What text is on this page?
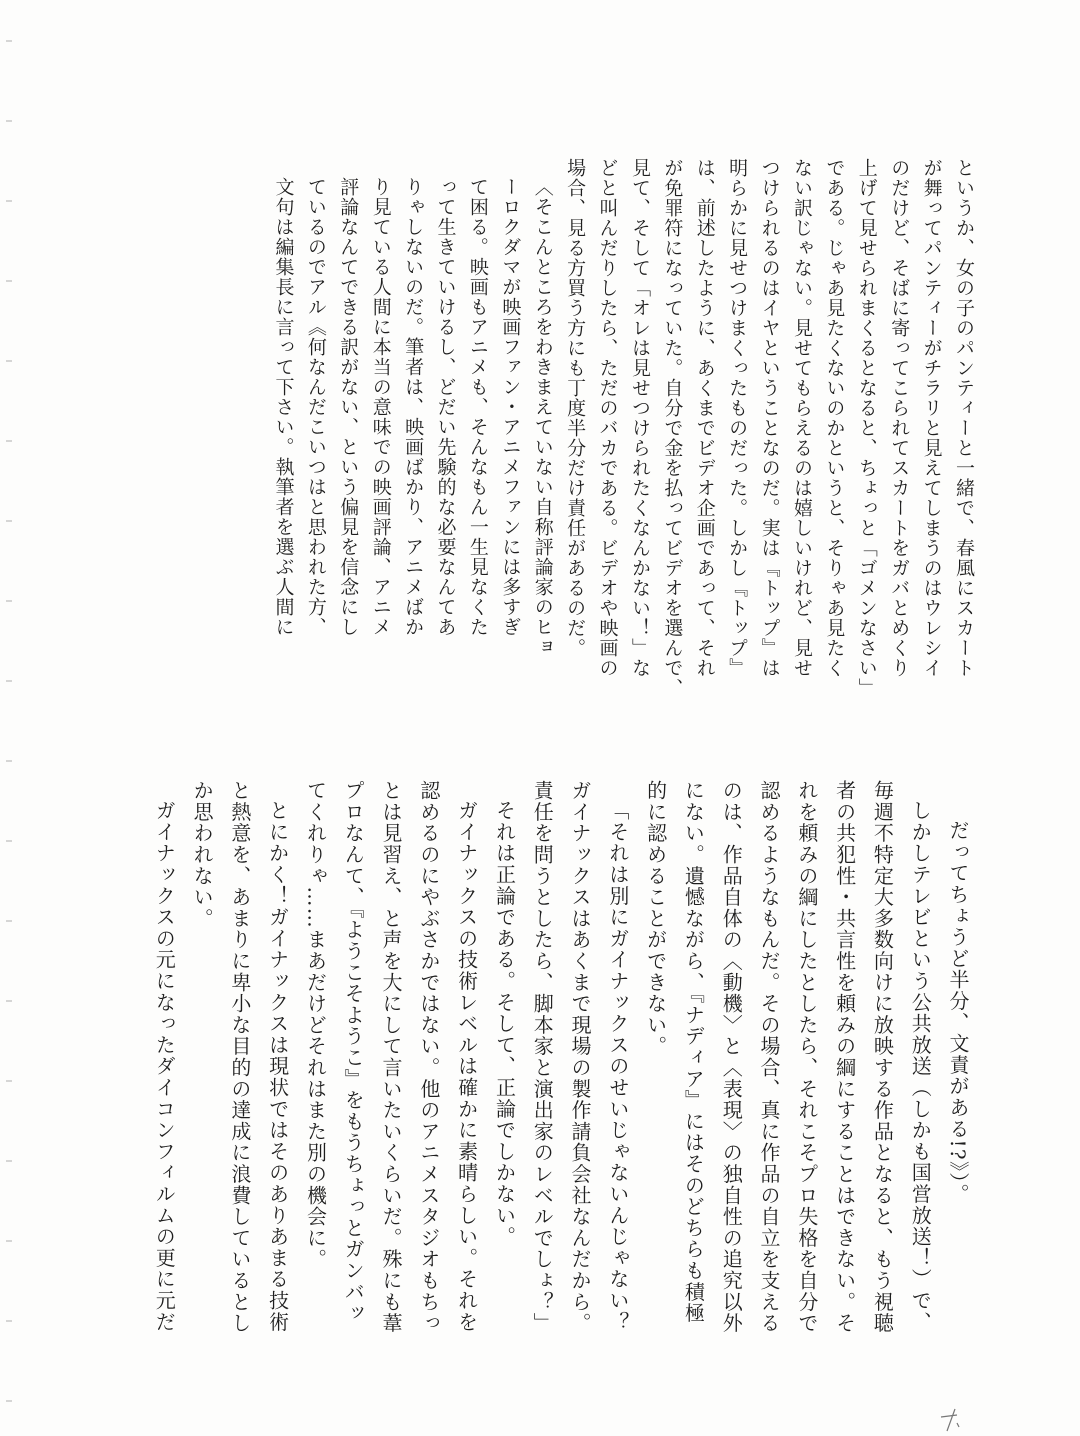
というか、女の子のパンティーと一緒で、春風にスカート
が舞ってパンティーがチラリと見えてしまうのはウレシイ
のだけど、そばに寄ってこられてスカートをガバとめくり
上げて見せられまくるとなると、ちょっと「ゴメンなさい」
である。じゃあ見たくないのかというと、そりゃあ見たく
ない訳じゃない。見せてもらえるのは嬉しいけれど、見せ
つけられるのはイヤということなのだ。実は『トップ』は
明らかに見せつけまくったものだった。しかし『トップ』
は、前述したように、あくまでビデオ企画であって、それ
が免罪符になっていた。自分で金を払ってビデオを選んで、
見て、そして「オレは見せつけられたくなんかない！」な
どと叫んだりしたら、ただのバカである。ビデオや映画の
場合、見る方買う方にも丁度半分だけ責任があるのだ。
〈そこんところをわきまえていない自称評論家のヒョ
ーロクダマが映画ファン・アニメファンには多すぎ
て困る。映画もアニメも、そんなもん一生見なくた
って生きていけるし、どだい先験的な必要なんてあ
りゃしないのだ。筆者は、映画ばかり、アニメばか
り見ている人間に本当の意味での映画評論、アニメ
評論なんてできる訳がない、という偏見を信念にし
ているのでアル《何なんだこいつはと思われた方、
文句は編集長に言って下さい。執筆者を選ぶ人間に
だってちょうど半分、文責がある!?》）。
しかしテレビという公共放送（しかも国営放送！）で、
毎週不特定大多数向けに放映する作品となると、もう視聴
者の共犯性・共言性を頼みの綱にすることはできない。そ
れを頼みの綱にしたとしたら、それこそプロ失格を自分で
認めるようなもんだ。その場合、真に作品の自立を支える
のは、作品自体の〈動機〉と〈表現〉の独自性の追究以外
にない。遺憾ながら、『ナディア』にはそのどちらも積極
的に認めることができない。
「それは別にガイナックスのせいじゃないんじゃない？
ガイナックスはあくまで現場の製作請負会社なんだから。
責任を問うとしたら、脚本家と演出家のレベルでしょ？」
それは正論である。そして、正論でしかない。
ガイナックスの技術レベルは確かに素晴らしい。それを
認めるのにやぶさかではない。他のアニメスタジオもちっ
とは見習え、と声を大にして言いたいくらいだ。殊にも葦
プロなんて、『ようこそようこ』をもうちょっとガンバッ
てくれりゃ……まあだけどそれはまた別の機会に。
とにかく！ガイナックスは現状ではそのありあまる技術
と熱意を、あまりに卑小な目的の達成に浪費しているとし
か思われない。
ガイナックスの元になったダイコンフィルムの更に元だ
